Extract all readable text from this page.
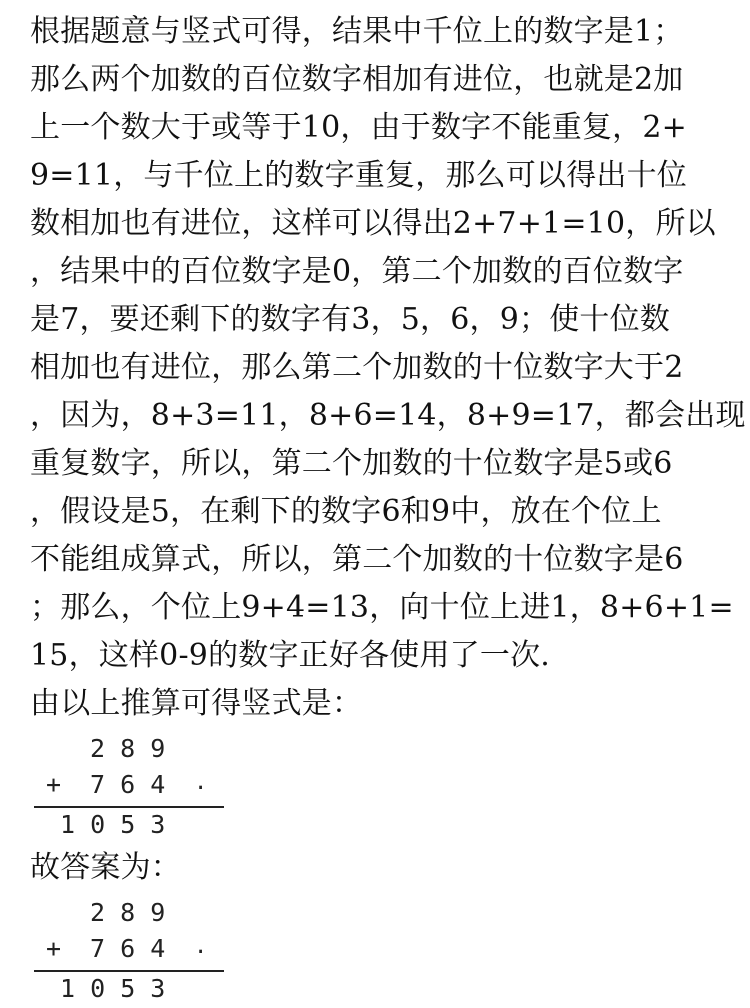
根据题意与竖式可得，结果中千位上的数字是1；
那么两个加数的百位数字相加有进位，也就是2加
上一个数大于或等于10，由于数字不能重复，2+
9=11，与千位上的数字重复，那么可以得出十位
数相加也有进位，这样可以得出2+7+1=10，所以
，结果中的百位数字是0，第二个加数的百位数字
是7，要还剩下的数字有3，5，6，9；使十位数
相加也有进位，那么第二个加数的十位数字大于2
，因为，8+3=11，8+6=14，8+9=17，都会出现
重复数字，所以，第二个加数的十位数字是5或6
，假设是5，在剩下的数字6和9中，放在个位上
不能组成算式，所以，第二个加数的十位数字是6
；那么，个位上9+4=13，向十位上进1，8+6+1=
15，这样0-9的数字正好各使用了一次.
由以上推算可得竖式是：
2 8 9
+ 7 6 4 .
1 0 5 3
故答案为：
2 8 9
+ 7 6 4 .
1 0 5 3
